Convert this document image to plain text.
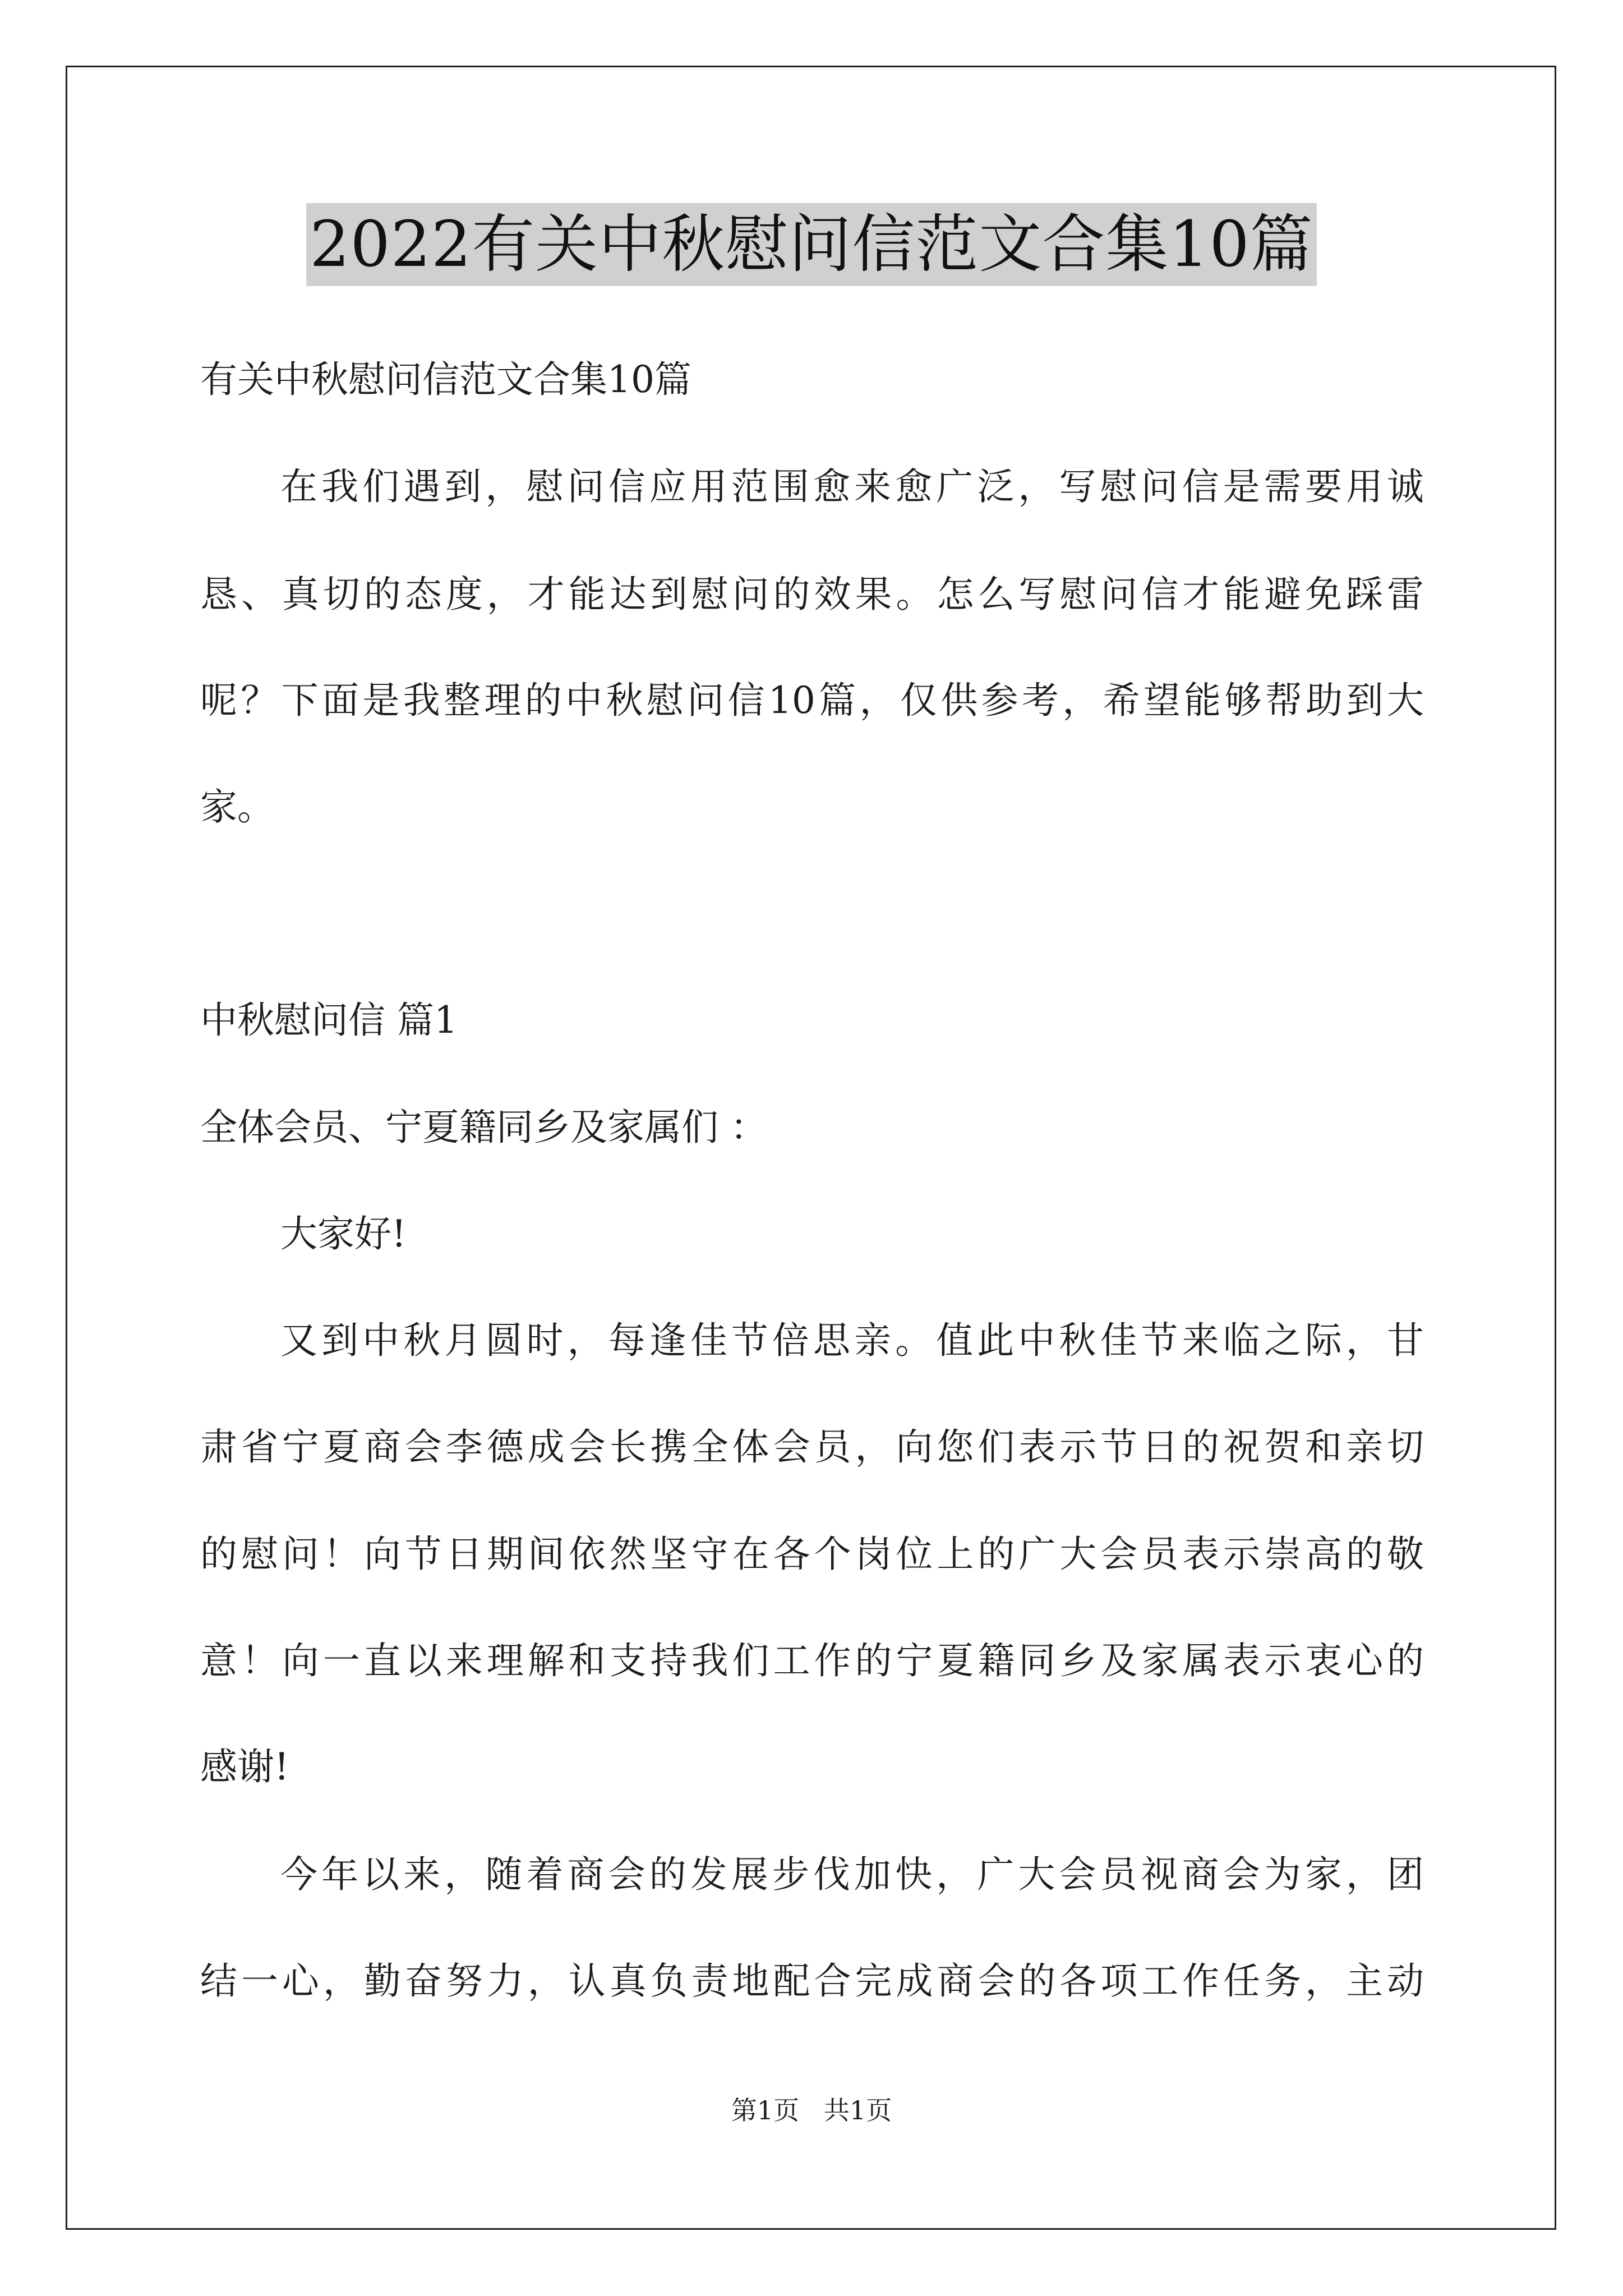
2022有关中秋慰问信范文合集10篇
有关中秋慰问信范文合集10篇
在我们遇到，慰问信应用范围愈来愈广泛，写慰问信是需要用诚
恳、真切的态度，才能达到慰问的效果。怎么写慰问信才能避免踩雷
呢？下面是我整理的中秋慰问信10篇，仅供参考，希望能够帮助到大
家。
中秋慰问信 篇1
全体会员、宁夏籍同乡及家属们 ：
大家好!
又到中秋月圆时，每逢佳节倍思亲。值此中秋佳节来临之际，甘
肃省宁夏商会李德成会长携全体会员，向您们表示节日的祝贺和亲切
的慰问！向节日期间依然坚守在各个岗位上的广大会员表示崇高的敬
意！向一直以来理解和支持我们工作的宁夏籍同乡及家属表示衷心的
感谢!
今年以来，随着商会的发展步伐加快，广大会员视商会为家，团
结一心，勤奋努力，认真负责地配合完成商会的各项工作任务，主动
第1页   共1页
